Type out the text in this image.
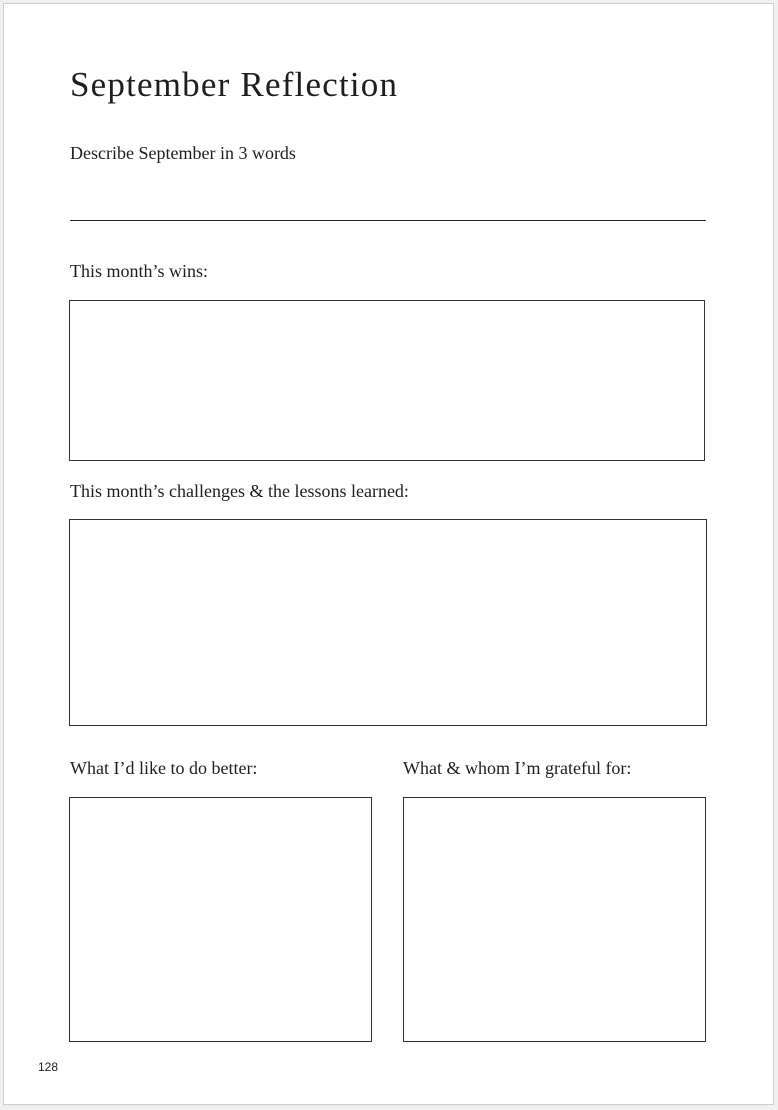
September Reflection

Describe September in 3 words

This month’s wins:

This month’s challenges & the lessons learned:

What I’d like to do better:	What & whom I’m grateful for:

128
